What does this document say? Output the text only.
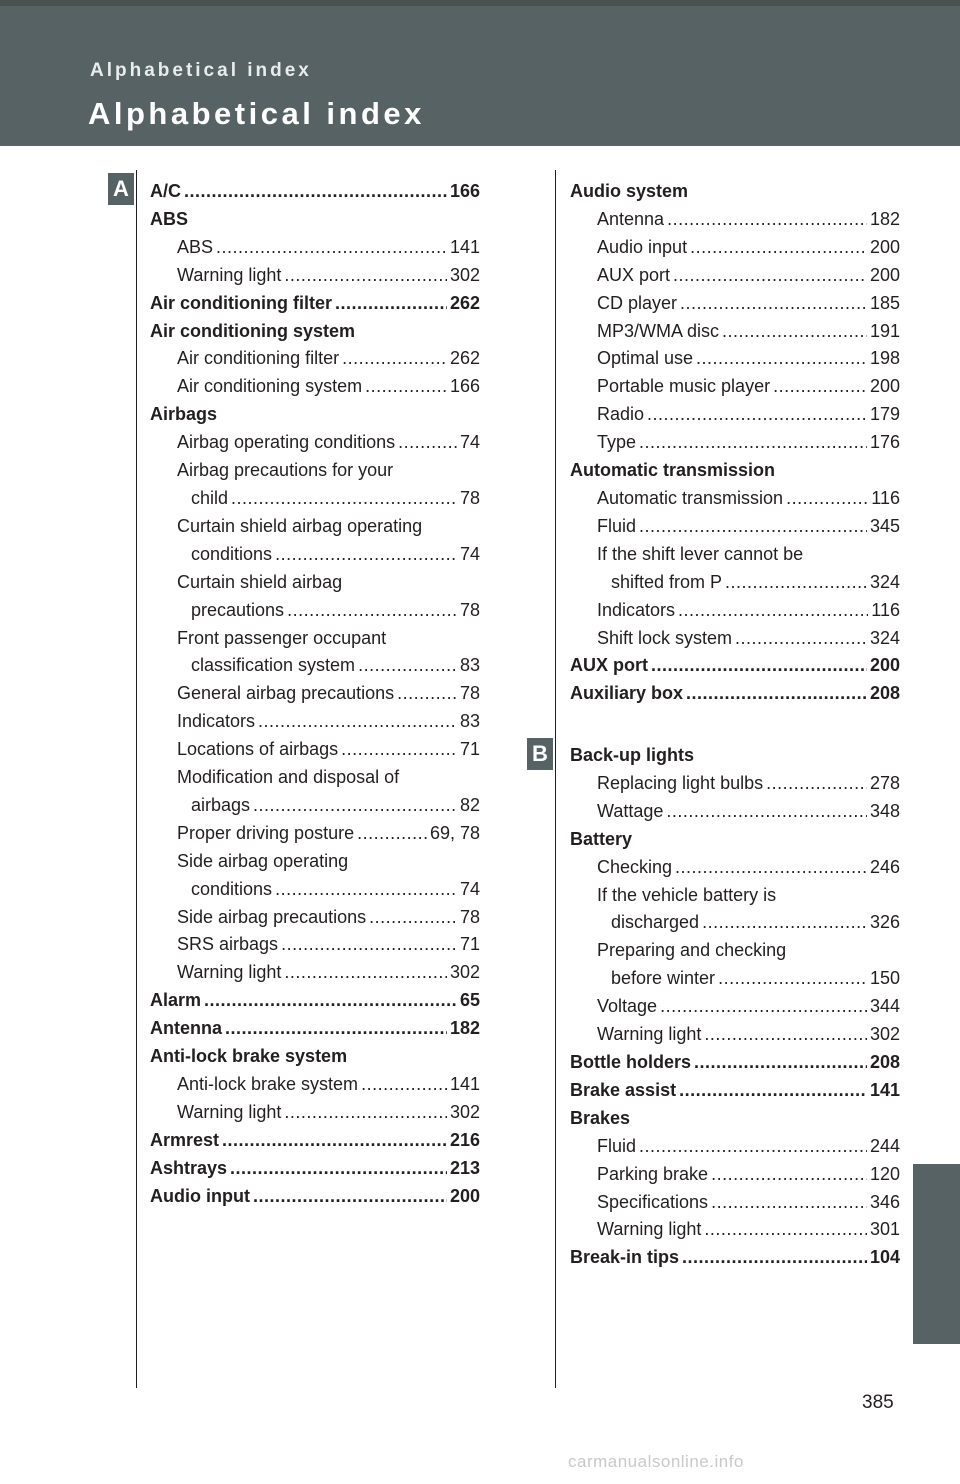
Alphabetical index
Alphabetical index
A
B
A/C .....	166
ABS
ABS .....	141
Warning light .....	302
Air conditioning filter .....	262
Air conditioning system
Air conditioning filter .....	262
Air conditioning system .....	166
Airbags
Airbag operating conditions .....	74
Airbag precautions for your
child .....	78
Curtain shield airbag operating
conditions .....	74
Curtain shield airbag
precautions .....	78
Front passenger occupant
classification system .....	83
General airbag precautions .....	78
Indicators .....	83
Locations of airbags .....	71
Modification and disposal of
airbags .....	82
Proper driving posture .....	69, 78
Side airbag operating
conditions .....	74
Side airbag precautions .....	78
SRS airbags .....	71
Warning light .....	302
Alarm .....	65
Antenna .....	182
Anti-lock brake system
Anti-lock brake system .....	141
Warning light .....	302
Armrest .....	216
Ashtrays .....	213
Audio input .....	200
Audio system
Antenna .....	182
Audio input .....	200
AUX port .....	200
CD player .....	185
MP3/WMA disc .....	191
Optimal use .....	198
Portable music player .....	200
Radio .....	179
Type .....	176
Automatic transmission
Automatic transmission .....	116
Fluid .....	345
If the shift lever cannot be
shifted from P .....	324
Indicators .....	116
Shift lock system .....	324
AUX port .....	200
Auxiliary box .....	208
Back-up lights
Replacing light bulbs .....	278
Wattage .....	348
Battery
Checking .....	246
If the vehicle battery is
discharged .....	326
Preparing and checking
before winter .....	150
Voltage .....	344
Warning light .....	302
Bottle holders .....	208
Brake assist .....	141
Brakes
Fluid .....	244
Parking brake .....	120
Specifications .....	346
Warning light .....	301
Break-in tips .....	104
385
carmanualsonline.info
